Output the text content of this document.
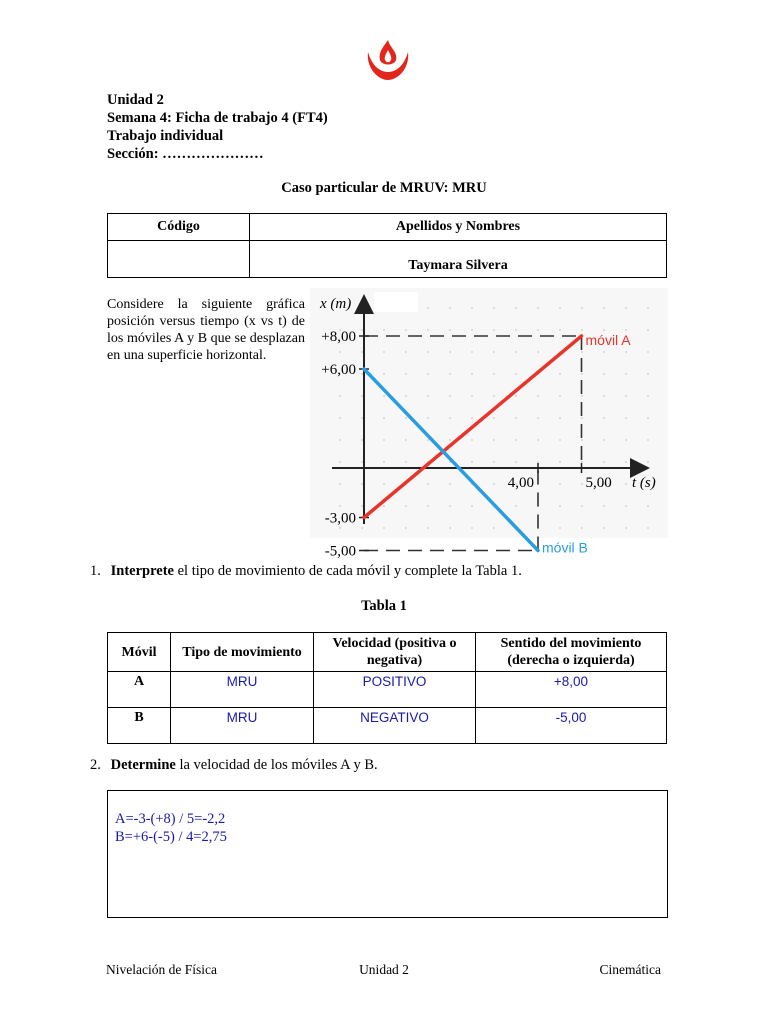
Unidad 2
Semana 4: Ficha de trabajo 4 (FT4)
Trabajo individual
Sección: …………………
Caso particular de MRUV: MRU
Código	Apellidos y Nombres
	Taymara Silvera
Considere la siguiente gráfica posición versus tiempo (x vs t) de los móviles A y B que se desplazan en una superficie horizontal.
x (m)
t (s)
+8,00
+6,00
-3,00
-5,00
4,00	5,00
móvil A
móvil B
1. Interprete el tipo de movimiento de cada móvil y complete la Tabla 1.
Tabla 1
Móvil	Tipo de movimiento	Velocidad (positiva o negativa)	Sentido del movimiento (derecha o izquierda)
A	MRU	POSITIVO	+8,00
B	MRU	NEGATIVO	-5,00
2. Determine la velocidad de los móviles A y B.
A=-3-(+8) / 5=-2,2
B=+6-(-5) / 4=2,75
Nivelación de Física	Unidad 2	Cinemática
